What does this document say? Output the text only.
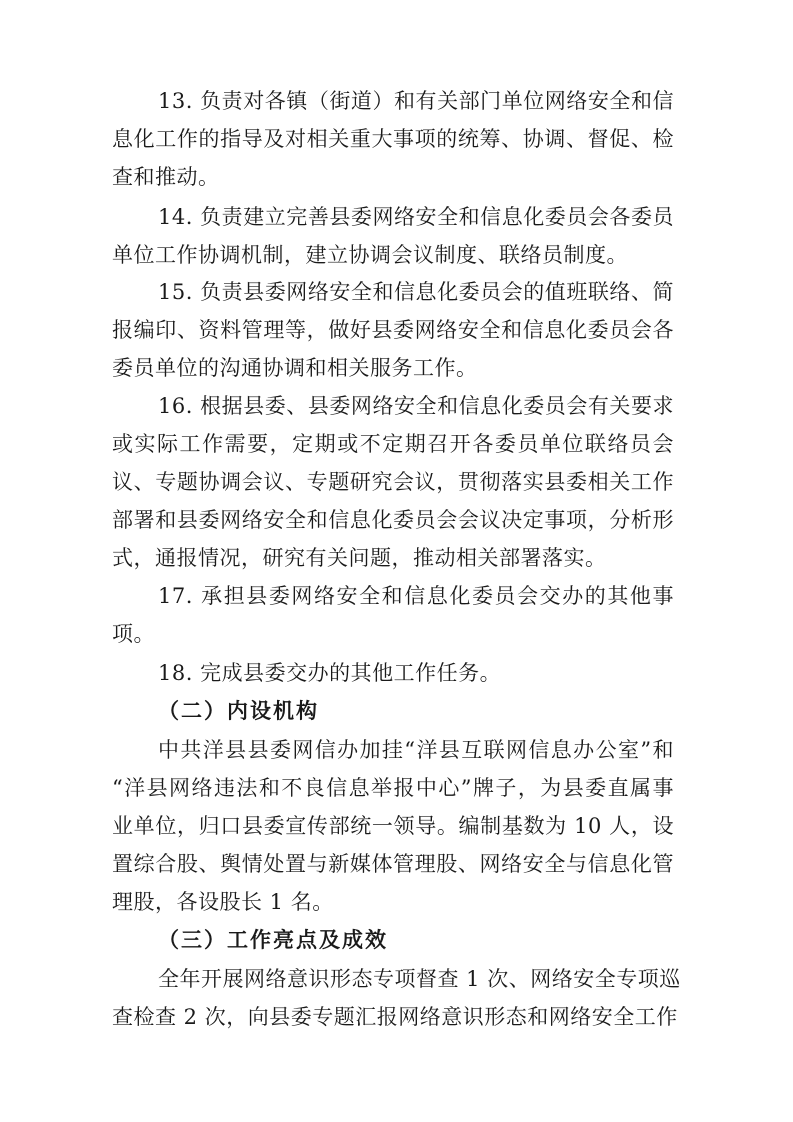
13. 负责对各镇（街道）和有关部门单位网络安全和信
息化工作的指导及对相关重大事项的统筹、协调、督促、检
查和推动。
14. 负责建立完善县委网络安全和信息化委员会各委员
单位工作协调机制，建立协调会议制度、联络员制度。
15. 负责县委网络安全和信息化委员会的值班联络、简
报编印、资料管理等，做好县委网络安全和信息化委员会各
委员单位的沟通协调和相关服务工作。
16. 根据县委、县委网络安全和信息化委员会有关要求
或实际工作需要，定期或不定期召开各委员单位联络员会
议、专题协调会议、专题研究会议，贯彻落实县委相关工作
部署和县委网络安全和信息化委员会会议决定事项，分析形
式，通报情况，研究有关问题，推动相关部署落实。
17. 承担县委网络安全和信息化委员会交办的其他事
项。
18. 完成县委交办的其他工作任务。
（二）内设机构
中共洋县县委网信办加挂“洋县互联网信息办公室”和
“洋县网络违法和不良信息举报中心”牌子，为县委直属事
业单位，归口县委宣传部统一领导。编制基数为 10 人，设
置综合股、舆情处置与新媒体管理股、网络安全与信息化管
理股，各设股长 1 名。
（三）工作亮点及成效
全年开展网络意识形态专项督查 1 次、网络安全专项巡
查检查 2 次，向县委专题汇报网络意识形态和网络安全工作
